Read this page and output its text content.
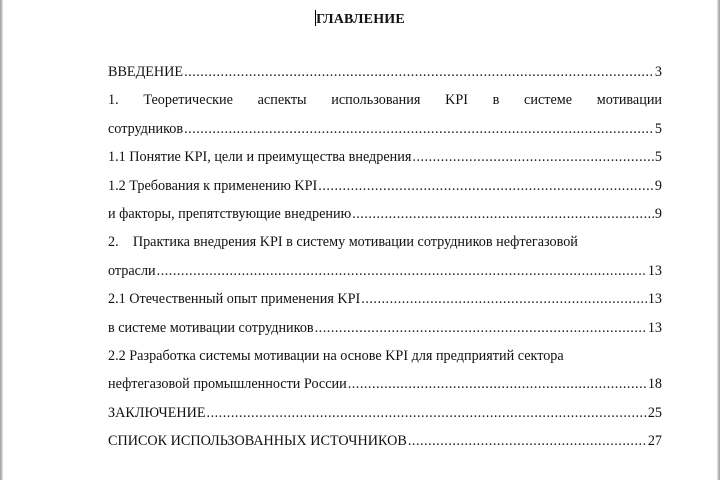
ГЛАВЛЕНИЕ
ВВЕДЕНИЕ .....	3
1. Теоретические аспекты использования KPI в системе мотивации
сотрудников .....	5
1.1 Понятие KPI, цели и преимущества внедрения .....	5
1.2 Требования к применению KPI .....	9
и факторы, препятствующие внедрению .....	9
2.    Практика внедрения KPI в систему мотивации сотрудников нефтегазовой
отрасли .....	13
2.1 Отечественный опыт применения KPI .....	13
в системе мотивации сотрудников .....	13
2.2 Разработка системы мотивации на основе KPI для предприятий сектора
нефтегазовой промышленности России .....	18
ЗАКЛЮЧЕНИЕ .....	25
СПИСОК ИСПОЛЬЗОВАННЫХ ИСТОЧНИКОВ .....	27
